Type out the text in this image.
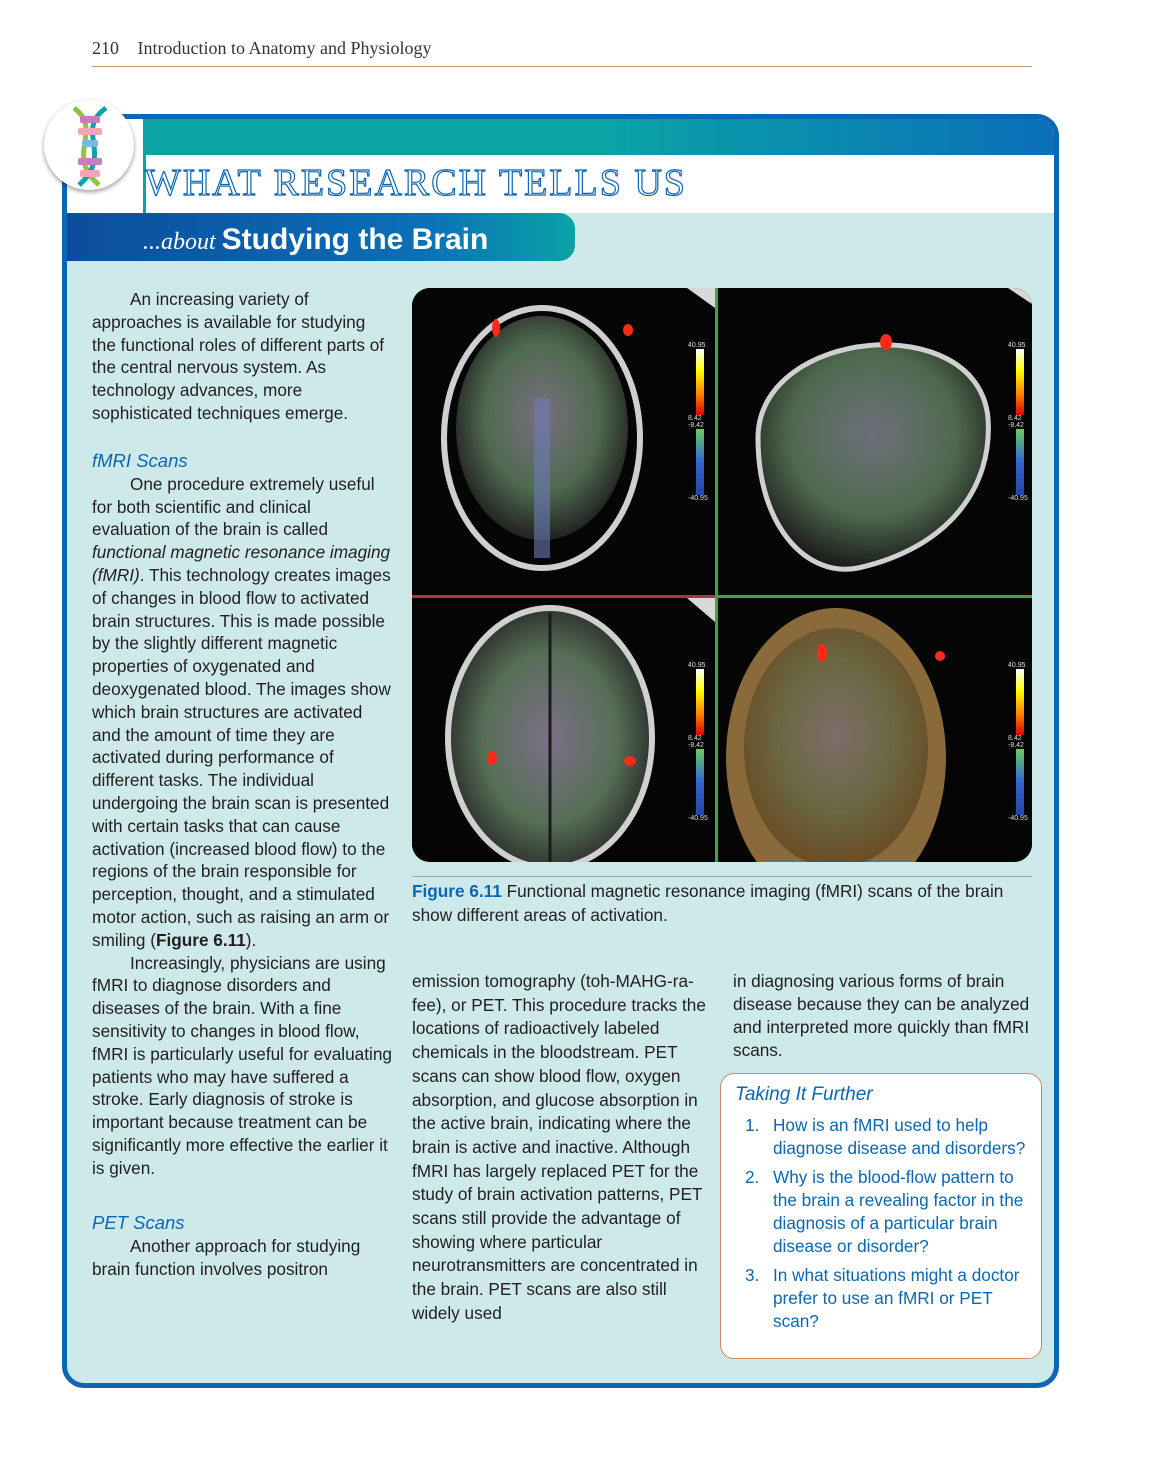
210 Introduction to Anatomy and Physiology
WHAT RESEARCH TELLS US
...about Studying the Brain

An increasing variety of approaches is available for studying the functional roles of different parts of the central nervous system. As technology advances, more sophisticated techniques emerge.

fMRI Scans

One procedure extremely useful for both scientific and clinical evaluation of the brain is called functional magnetic resonance imaging (fMRI). This technology creates images of changes in blood flow to activated brain structures. This is made possible by the slightly different magnetic properties of oxygenated and deoxygenated blood. The images show which brain structures are activated and the amount of time they are activated during performance of different tasks. The individual undergoing the brain scan is presented with certain tasks that can cause activation (increased blood flow) to the regions of the brain responsible for perception, thought, and a stimulated motor action, such as raising an arm or smiling (Figure 6.11).

Increasingly, physicians are using fMRI to diagnose disorders and diseases of the brain. With a fine sensitivity to changes in blood flow, fMRI is particularly useful for evaluating patients who may have suffered a stroke. Early diagnosis of stroke is important because treatment can be significantly more effective the earlier it is given.

PET Scans

Another approach for studying brain function involves positron

40.95
8.42
-8.42
-40.95
40.95
8.42
-8.42
-40.95
40.95
8.42
-8.42
-40.95
40.95
8.42
-8.42
-40.95
Figure 6.11 Functional magnetic resonance imaging (fMRI) scans of the brain show different areas of activation.
emission tomography (toh-MAHG-ra-fee), or PET. This procedure tracks the locations of radioactively labeled chemicals in the bloodstream. PET scans can show blood flow, oxygen absorption, and glucose absorption in the active brain, indicating where the brain is active and inactive. Although fMRI has largely replaced PET for the study of brain activation patterns, PET scans still provide the advantage of showing where particular neurotransmitters are concentrated in the brain. PET scans are also still widely used
in diagnosing various forms of brain disease because they can be analyzed and interpreted more quickly than fMRI scans.
Taking It Further
1. How is an fMRI used to help diagnose disease and disorders?
2. Why is the blood-flow pattern to the brain a revealing factor in the diagnosis of a particular brain disease or disorder?
3. In what situations might a doctor prefer to use an fMRI or PET scan?
